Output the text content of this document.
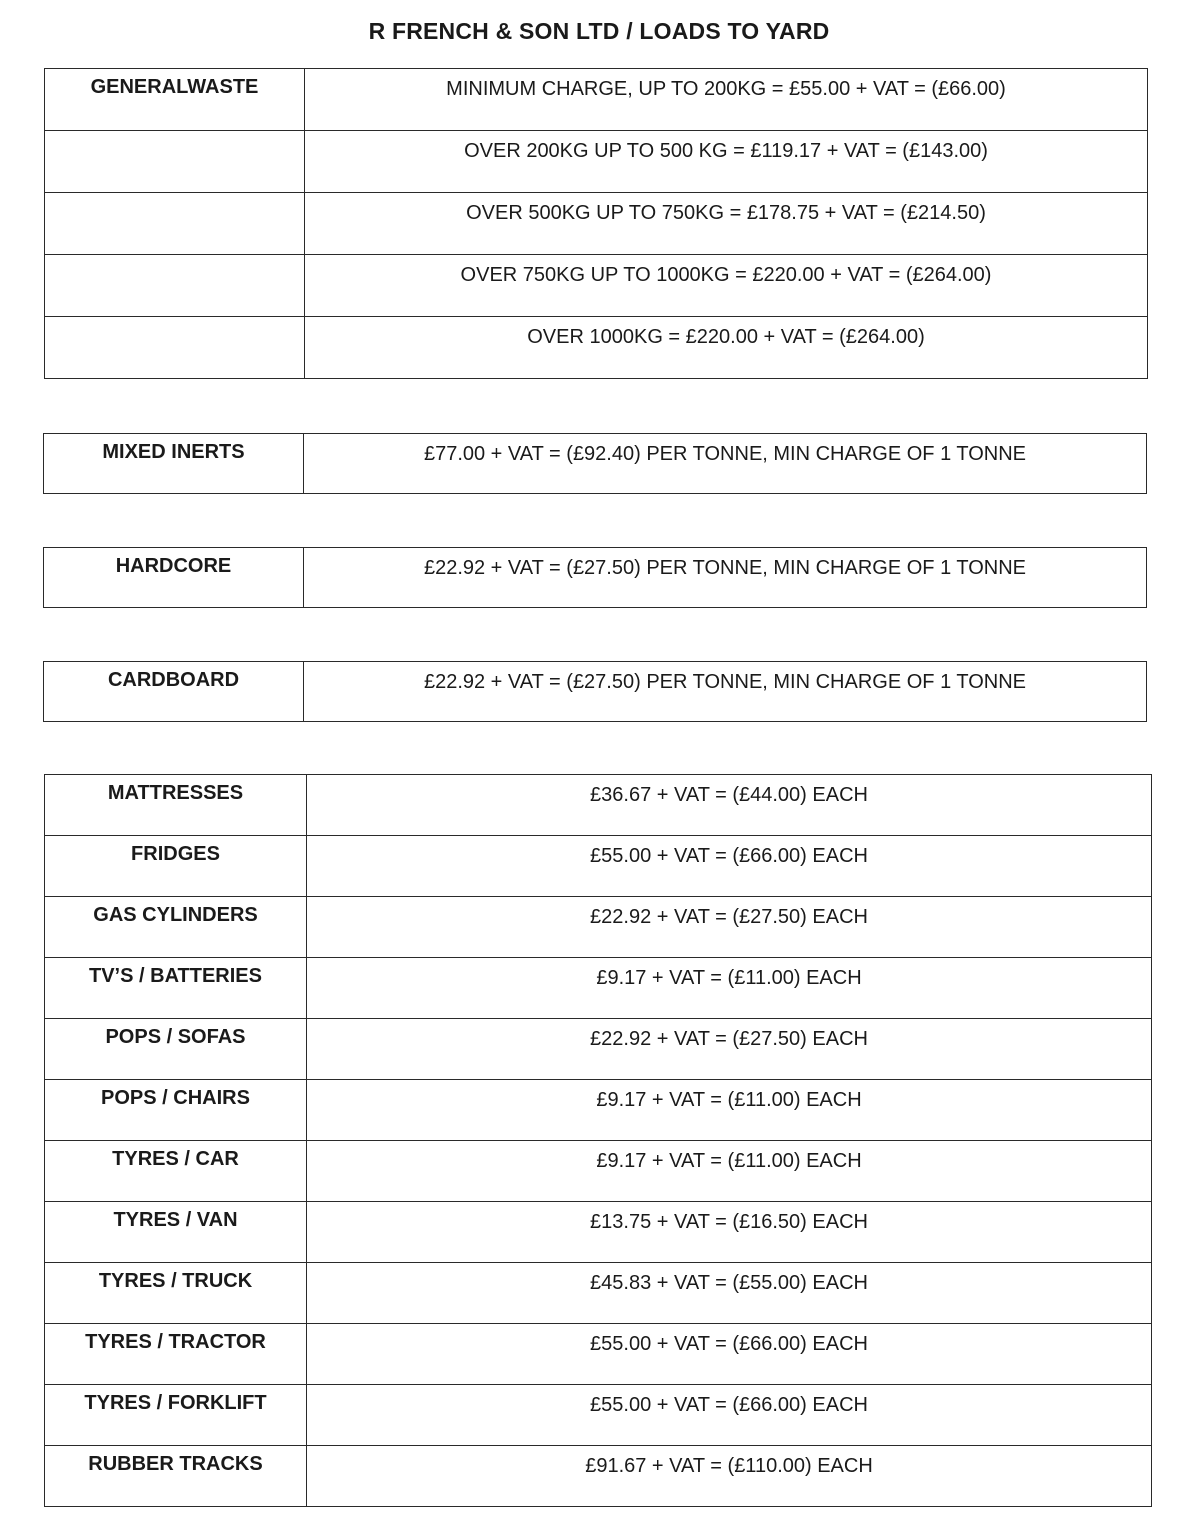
R FRENCH & SON LTD / LOADS TO YARD
GENERALWASTE	MINIMUM CHARGE, UP TO 200KG = £55.00 + VAT = (£66.00)
	OVER 200KG UP TO 500 KG = £119.17 + VAT = (£143.00)
	OVER 500KG UP TO 750KG = £178.75 + VAT = (£214.50)
	OVER 750KG UP TO 1000KG = £220.00 + VAT = (£264.00)
	OVER 1000KG = £220.00 + VAT = (£264.00)
MIXED INERTS	£77.00 + VAT = (£92.40) PER TONNE, MIN CHARGE OF 1 TONNE
HARDCORE	£22.92 + VAT = (£27.50) PER TONNE, MIN CHARGE OF 1 TONNE
CARDBOARD	£22.92 + VAT = (£27.50) PER TONNE, MIN CHARGE OF 1 TONNE
MATTRESSES	£36.67 + VAT = (£44.00) EACH
FRIDGES	£55.00 + VAT = (£66.00) EACH
GAS CYLINDERS	£22.92 + VAT = (£27.50) EACH
TV’S / BATTERIES	£9.17 + VAT = (£11.00) EACH
POPS / SOFAS	£22.92 + VAT = (£27.50) EACH
POPS / CHAIRS	£9.17 + VAT = (£11.00) EACH
TYRES / CAR	£9.17 + VAT = (£11.00) EACH
TYRES / VAN	£13.75 + VAT = (£16.50) EACH
TYRES / TRUCK	£45.83 + VAT = (£55.00) EACH
TYRES / TRACTOR	£55.00 + VAT = (£66.00) EACH
TYRES / FORKLIFT	£55.00 + VAT = (£66.00) EACH
RUBBER TRACKS	£91.67 + VAT = (£110.00) EACH
